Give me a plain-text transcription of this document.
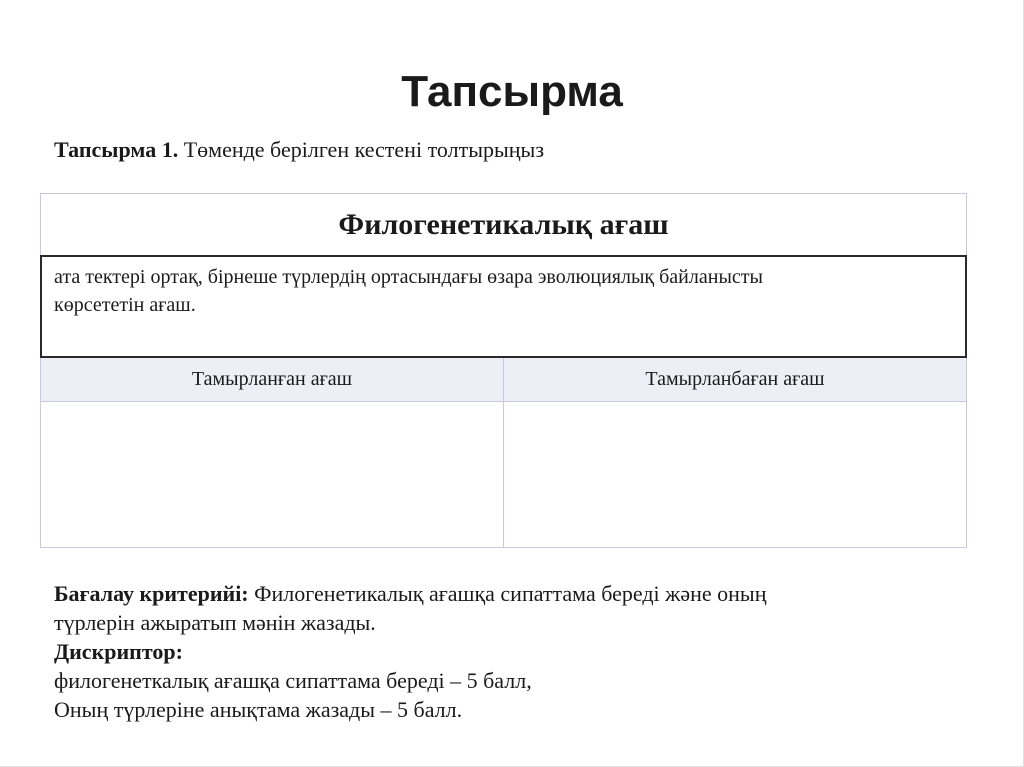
Тапсырма
Тапсырма 1. Төменде берілген кестені толтырыңыз
Филогенетикалық ағаш
ата тектері ортақ, бірнеше түрлердің ортасындағы өзара эволюциялық байланысты көрсететін ағаш.
Тамырланған ағаш	Тамырланбаған ағаш
Бағалау критерийі: Филогенетикалық ағашқа сипаттама береді және оның
түрлерін ажыратып мәнін жазады.
Дискриптор:
филогенеткалық ағашқа сипаттама береді – 5 балл,
Оның түрлеріне анықтама жазады – 5 балл.
